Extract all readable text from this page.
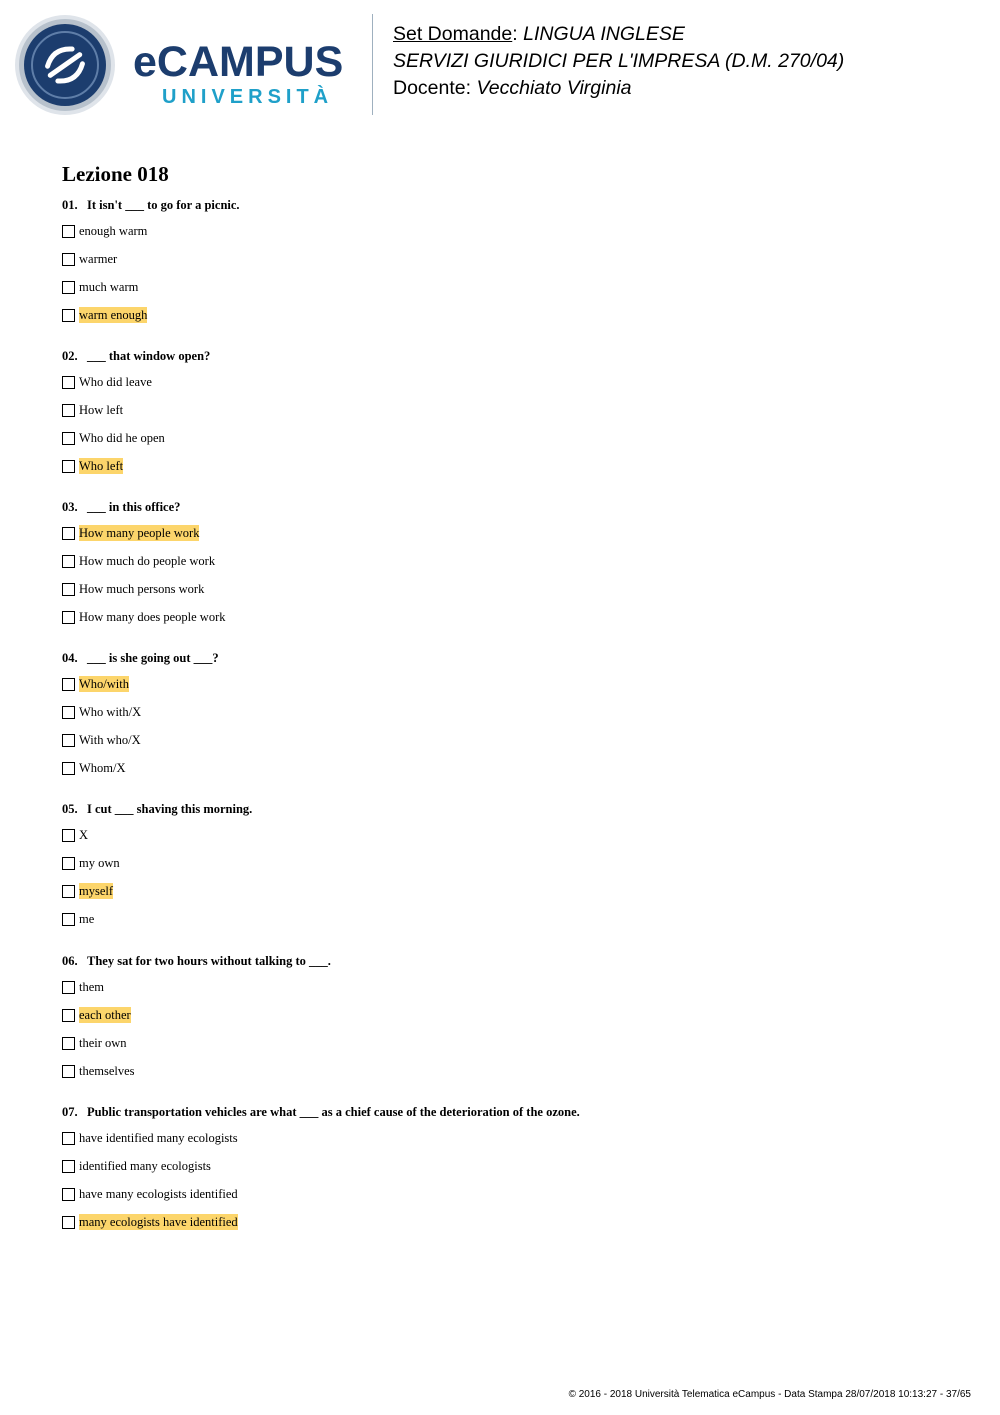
eCAMPUS
UNIVERSITÀ
Set Domande: LINGUA INGLESE
SERVIZI GIURIDICI PER L'IMPRESA (D.M. 270/04)
Docente: Vecchiato Virginia
Lezione 018
01. It isn't ___ to go for a picnic.
enough warm
warmer
much warm
warm enough
02. ___ that window open?
Who did leave
How left
Who did he open
Who left
03. ___ in this office?
How many people work
How much do people work
How much persons work
How many does people work
04. ___ is she going out ___?
Who/with
Who with/X
With who/X
Whom/X
05. I cut ___ shaving this morning.
X
my own
myself
me
06. They sat for two hours without talking to ___.
them
each other
their own
themselves
07. Public transportation vehicles are what ___ as a chief cause of the deterioration of the ozone.
have identified many ecologists
identified many ecologists
have many ecologists identified
many ecologists have identified
© 2016 - 2018 Università Telematica eCampus - Data Stampa 28/07/2018 10:13:27 - 37/65
